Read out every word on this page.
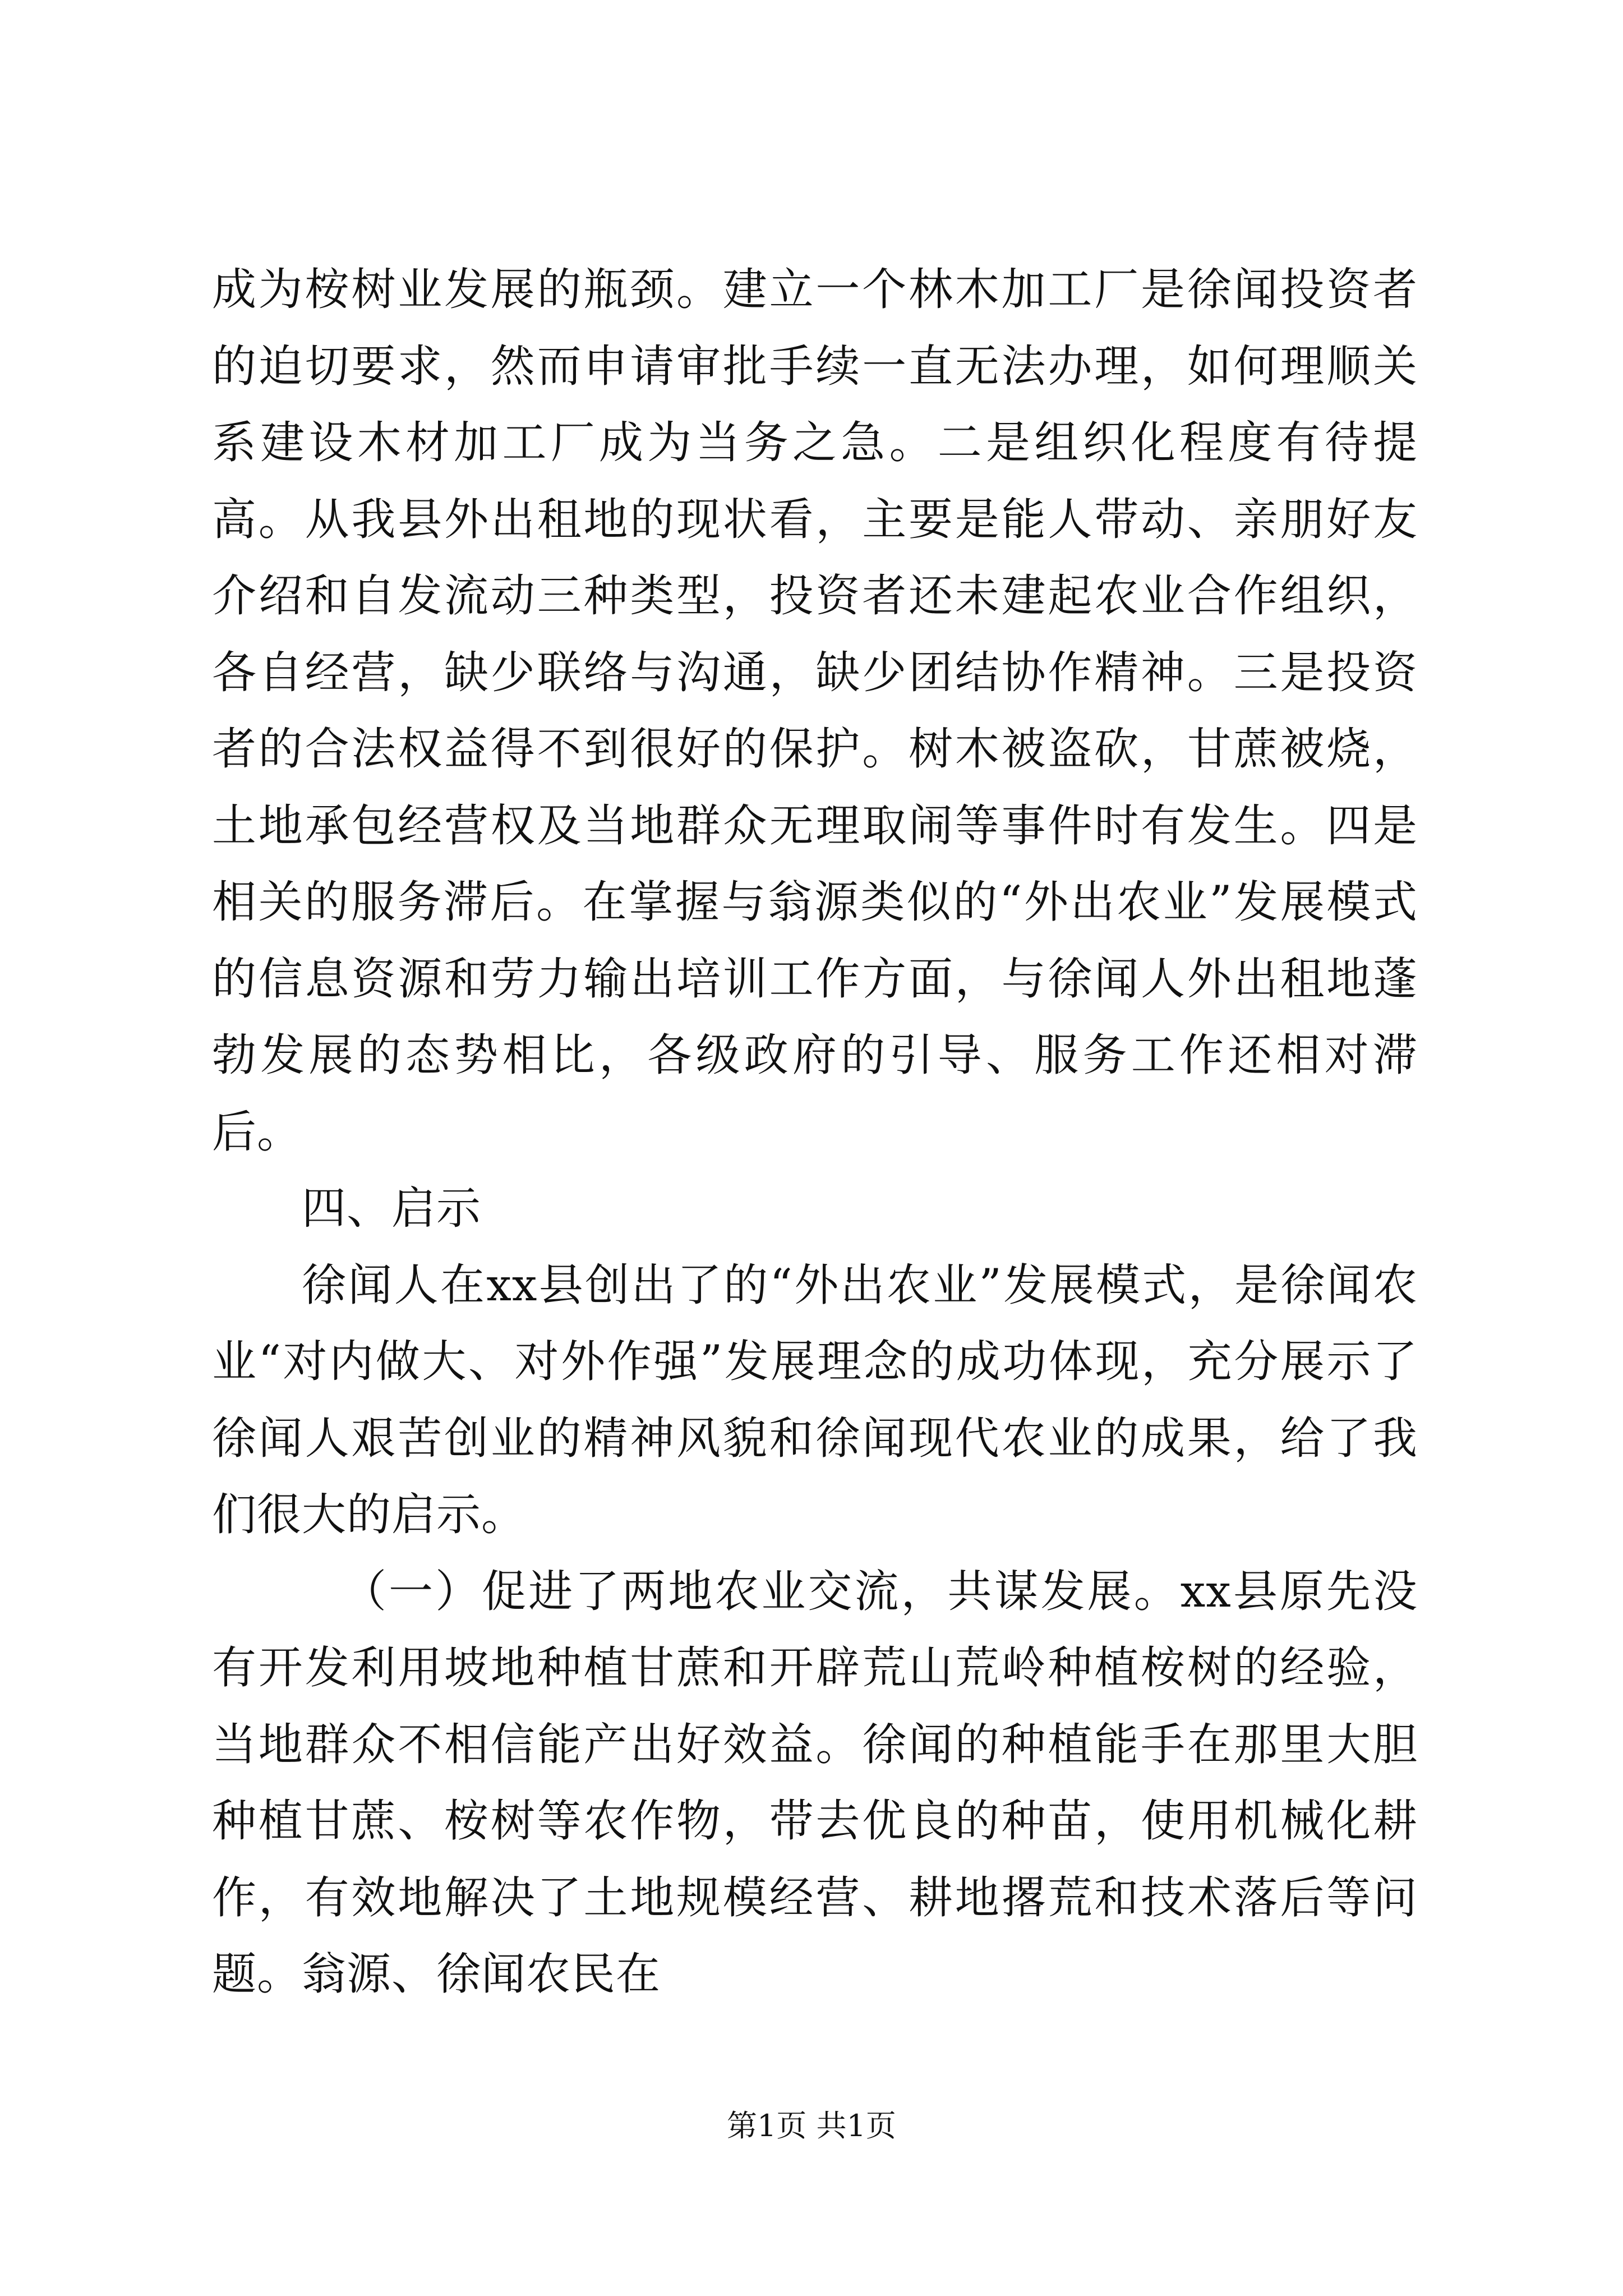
成为桉树业发展的瓶颈。建立一个林木加工厂是徐闻投资者的迫切要求，然而申请审批手续一直无法办理，如何理顺关系建设木材加工厂成为当务之急。二是组织化程度有待提高。从我县外出租地的现状看，主要是能人带动、亲朋好友介绍和自发流动三种类型，投资者还未建起农业合作组织，各自经营，缺少联络与沟通，缺少团结协作精神。三是投资者的合法权益得不到很好的保护。树木被盗砍，甘蔗被烧，土地承包经营权及当地群众无理取闹等事件时有发生。四是相关的服务滞后。在掌握与翁源类似的“外出农业”发展模式的信息资源和劳力输出培训工作方面，与徐闻人外出租地蓬勃发展的态势相比，各级政府的引导、服务工作还相对滞后。

四、启示

徐闻人在xx县创出了的“外出农业”发展模式，是徐闻农业“对内做大、对外作强”发展理念的成功体现，充分展示了徐闻人艰苦创业的精神风貌和徐闻现代农业的成果，给了我们很大的启示。

（一）促进了两地农业交流，共谋发展。xx县原先没有开发利用坡地种植甘蔗和开辟荒山荒岭种植桉树的经验，当地群众不相信能产出好效益。徐闻的种植能手在那里大胆种植甘蔗、桉树等农作物，带去优良的种苗，使用机械化耕作，有效地解决了土地规模经营、耕地撂荒和技术落后等问题。翁源、徐闻农民在

第1页 共1页
